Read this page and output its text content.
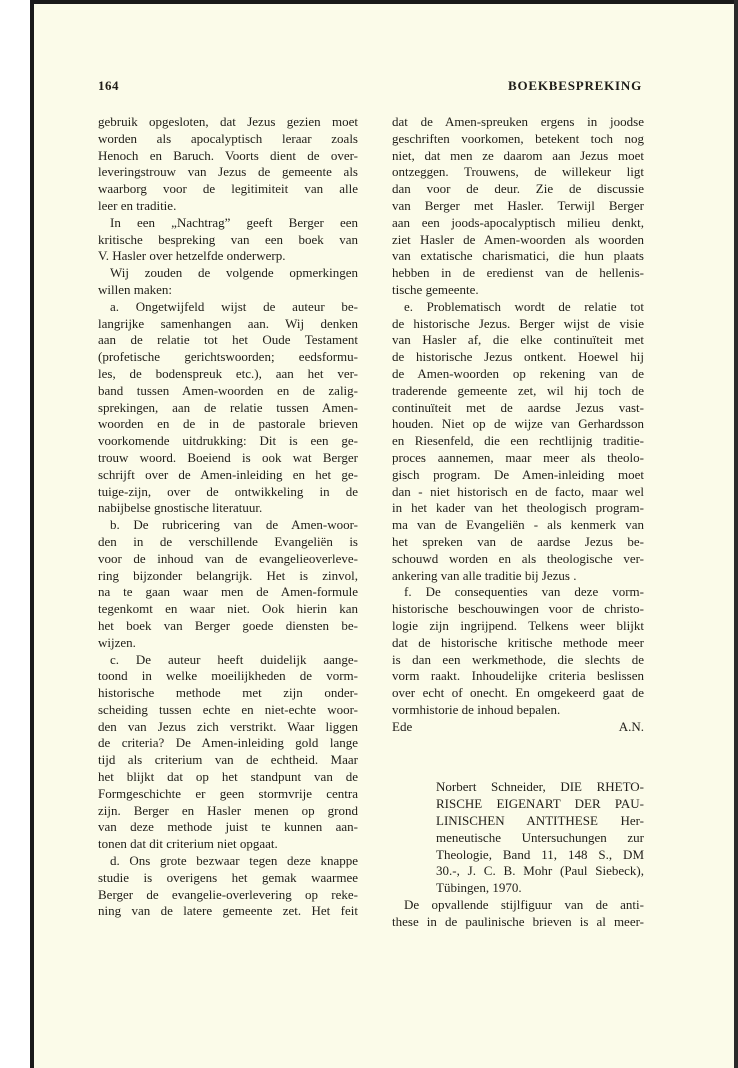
164	BOEKBESPREKING
gebruik opgesloten, dat Jezus gezien moet
worden als apocalyptisch leraar zoals
Henoch en Baruch. Voorts dient de over-
leveringstrouw van Jezus de gemeente als
waarborg voor de legitimiteit van alle
leer en traditie.
In een „Nachtrag” geeft Berger een
kritische bespreking van een boek van
V. Hasler over hetzelfde onderwerp.
Wij zouden de volgende opmerkingen
willen maken:
a. Ongetwijfeld wijst de auteur be-
langrijke samenhangen aan. Wij denken
aan de relatie tot het Oude Testament
(profetische gerichtswoorden; eedsformu-
les, de bodenspreuk etc.), aan het ver-
band tussen Amen-woorden en de zalig-
sprekingen, aan de relatie tussen Amen-
woorden en de in de pastorale brieven
voorkomende uitdrukking: Dit is een ge-
trouw woord. Boeiend is ook wat Berger
schrijft over de Amen-inleiding en het ge-
tuige-zijn, over de ontwikkeling in de
nabijbelse gnostische literatuur.
b. De rubricering van de Amen-woor-
den in de verschillende Evangeliën is
voor de inhoud van de evangelieoverleve-
ring bijzonder belangrijk. Het is zinvol,
na te gaan waar men de Amen-formule
tegenkomt en waar niet. Ook hierin kan
het boek van Berger goede diensten be-
wijzen.
c. De auteur heeft duidelijk aange-
toond in welke moeilijkheden de vorm-
historische methode met zijn onder-
scheiding tussen echte en niet-echte woor-
den van Jezus zich verstrikt. Waar liggen
de criteria? De Amen-inleiding gold lange
tijd als criterium van de echtheid. Maar
het blijkt dat op het standpunt van de
Formgeschichte er geen stormvrije centra
zijn. Berger en Hasler menen op grond
van deze methode juist te kunnen aan-
tonen dat dit criterium niet opgaat.
d. Ons grote bezwaar tegen deze knappe
studie is overigens het gemak waarmee
Berger de evangelie-overlevering op reke-
ning van de latere gemeente zet. Het feit
dat de Amen-spreuken ergens in joodse
geschriften voorkomen, betekent toch nog
niet, dat men ze daarom aan Jezus moet
ontzeggen. Trouwens, de willekeur ligt
dan voor de deur. Zie de discussie
van Berger met Hasler. Terwijl Berger
aan een joods-apocalyptisch milieu denkt,
ziet Hasler de Amen-woorden als woorden
van extatische charismatici, die hun plaats
hebben in de eredienst van de hellenis-
tische gemeente.
e. Problematisch wordt de relatie tot
de historische Jezus. Berger wijst de visie
van Hasler af, die elke continuïteit met
de historische Jezus ontkent. Hoewel hij
de Amen-woorden op rekening van de
traderende gemeente zet, wil hij toch de
continuïteit met de aardse Jezus vast-
houden. Niet op de wijze van Gerhardsson
en Riesenfeld, die een rechtlijnig traditie-
proces aannemen, maar meer als theolo-
gisch program. De Amen-inleiding moet
dan - niet historisch en de facto, maar wel
in het kader van het theologisch program-
ma van de Evangeliën - als kenmerk van
het spreken van de aardse Jezus be-
schouwd worden en als theologische ver-
ankering van alle traditie bij Jezus .
f. De consequenties van deze vorm-
historische beschouwingen voor de christo-
logie zijn ingrijpend. Telkens weer blijkt
dat de historische kritische methode meer
is dan een werkmethode, die slechts de
vorm raakt. Inhoudelijke criteria beslissen
over echt of onecht. En omgekeerd gaat de
vormhistorie de inhoud bepalen.
Ede	A.N.
Norbert Schneider, DIE RHETO-
RISCHE EIGENART DER PAU-
LINISCHEN ANTITHESE Her-
meneutische Untersuchungen zur
Theologie, Band 11, 148 S., DM
30.-, J. C. B. Mohr (Paul Siebeck),
Tübingen, 1970.
De opvallende stijlfiguur van de anti-
these in de paulinische brieven is al meer-
